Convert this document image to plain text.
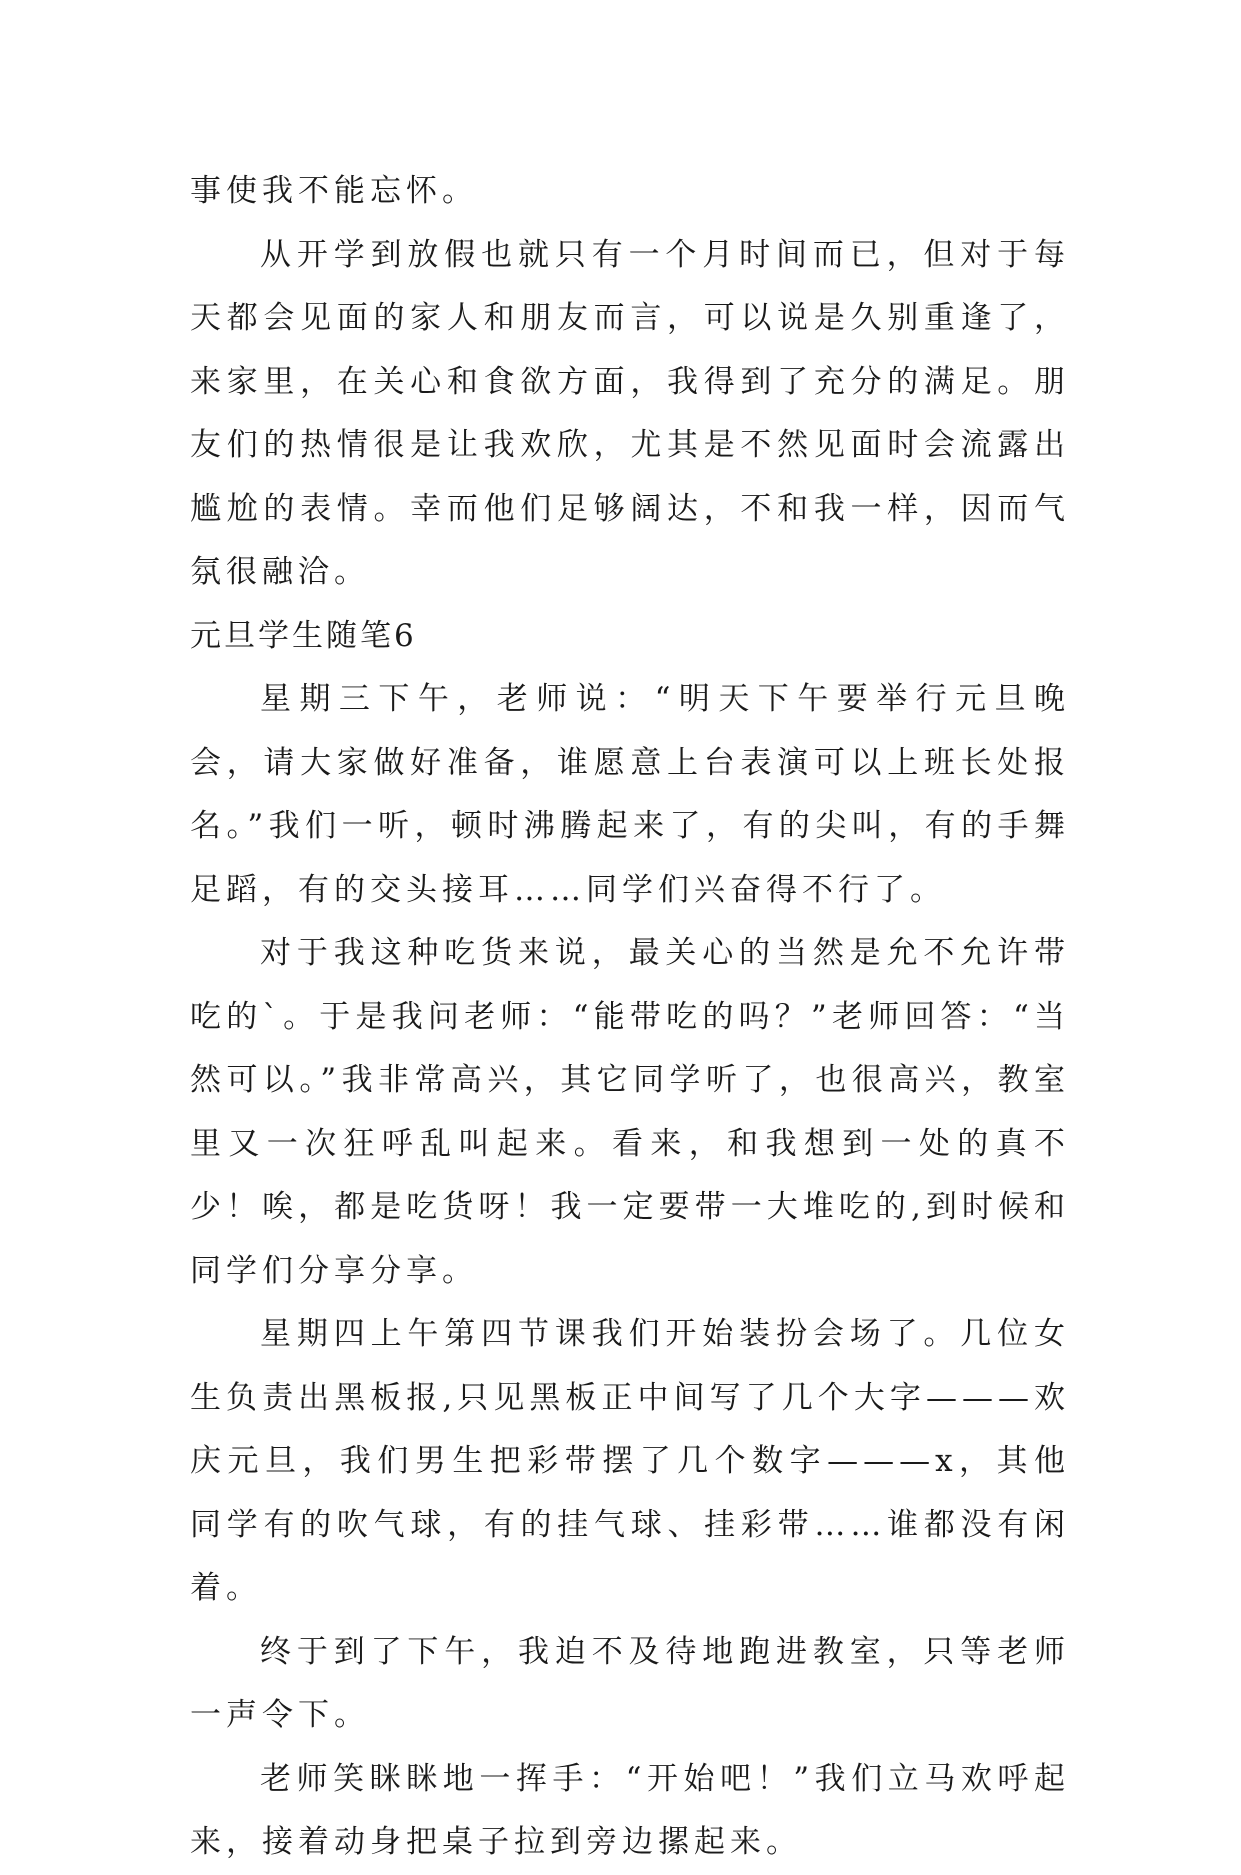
事使我不能忘怀。

从开学到放假也就只有一个月时间而已，但对于每天都会见面的家人和朋友而言，可以说是久别重逢了，来家里，在关心和食欲方面，我得到了充分的满足。朋友们的热情很是让我欢欣，尤其是不然见面时会流露出尴尬的表情。幸而他们足够阔达，不和我一样，因而气氛很融洽。

元旦学生随笔6

星期三下午，老师说：“明天下午要举行元旦晚会，请大家做好准备，谁愿意上台表演可以上班长处报名。”我们一听，顿时沸腾起来了，有的尖叫，有的手舞足蹈，有的交头接耳……同学们兴奋得不行了。

对于我这种吃货来说，最关心的当然是允不允许带吃的`。于是我问老师：“能带吃的吗？”老师回答：“当然可以。”我非常高兴，其它同学听了，也很高兴，教室里又一次狂呼乱叫起来。看来，和我想到一处的真不少！唉，都是吃货呀！我一定要带一大堆吃的,到时候和同学们分享分享。

星期四上午第四节课我们开始装扮会场了。几位女生负责出黑板报,只见黑板正中间写了几个大字———欢庆元旦，我们男生把彩带摆了几个数字———x，其他同学有的吹气球，有的挂气球、挂彩带……谁都没有闲着。

终于到了下午，我迫不及待地跑进教室，只等老师一声令下。

老师笑眯眯地一挥手：“开始吧！”我们立马欢呼起来，接着动身把桌子拉到旁边摞起来。
